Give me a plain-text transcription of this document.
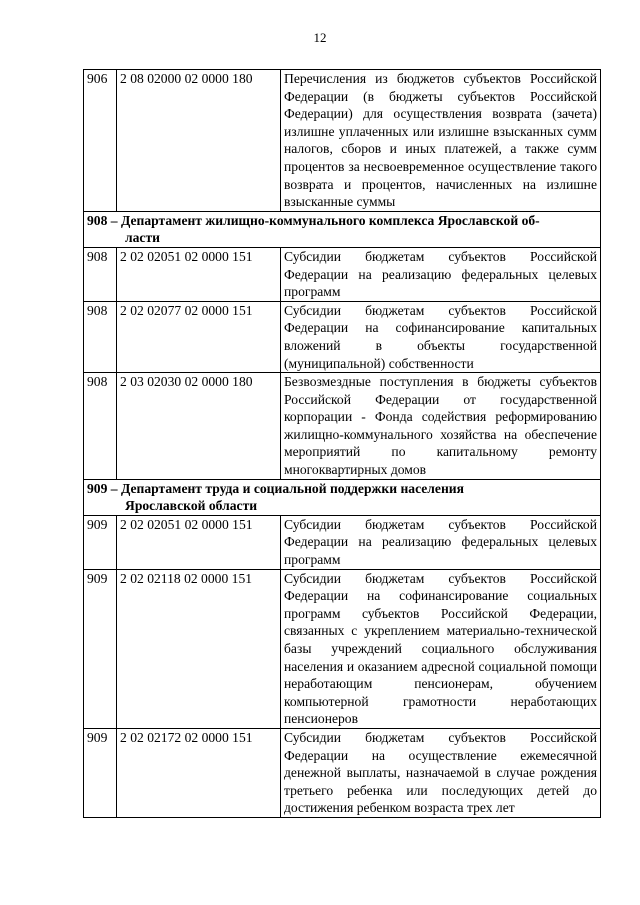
12
906	2 08 02000 02 0000 180	Перечисления из бюджетов субъектов Российской Федерации (в бюджеты субъектов Российской Федерации) для осуществления возврата (зачета) излишне уплаченных или излишне взысканных сумм налогов, сборов и иных платежей, а также сумм процентов за несвоевременное осуществление такого возврата и процентов, начисленных на излишне взысканные суммы
908 – Департамент жилищно-коммунального комплекса Ярославской об-
ласти		

908	2 02 02051 02 0000 151	Субсидии бюджетам субъектов Российской Федерации на реализацию федеральных целевых программ
908	2 02 02077 02 0000 151	Субсидии бюджетам субъектов Российской Федерации на софинансирование капитальных вложений в объекты государственной (муниципальной) собственности
908	2 03 02030 02 0000 180	Безвозмездные поступления в бюджеты субъектов Российской Федерации от государственной корпорации - Фонда содействия реформированию жилищно-коммунального хозяйства на обеспечение мероприятий по капитальному ремонту многоквартирных домов
909 – Департамент труда и социальной поддержки населения
Ярославской области		

909	2 02 02051 02 0000 151	Субсидии бюджетам субъектов Российской Федерации на реализацию федеральных целевых программ
909	2 02 02118 02 0000 151	Субсидии бюджетам субъектов Российской Федерации на софинансирование социальных программ субъектов Российской Федерации, связанных с укреплением материально-технической базы учреждений социального обслуживания населения и оказанием адресной социальной помощи неработающим пенсионерам, обучением компьютерной грамотности неработающих пенсионеров
909	2 02 02172 02 0000 151	Субсидии бюджетам субъектов Российской Федерации на осуществление ежемесячной денежной выплаты, назначаемой в случае рождения третьего ребенка или последующих детей до достижения ребенком возраста трех лет
